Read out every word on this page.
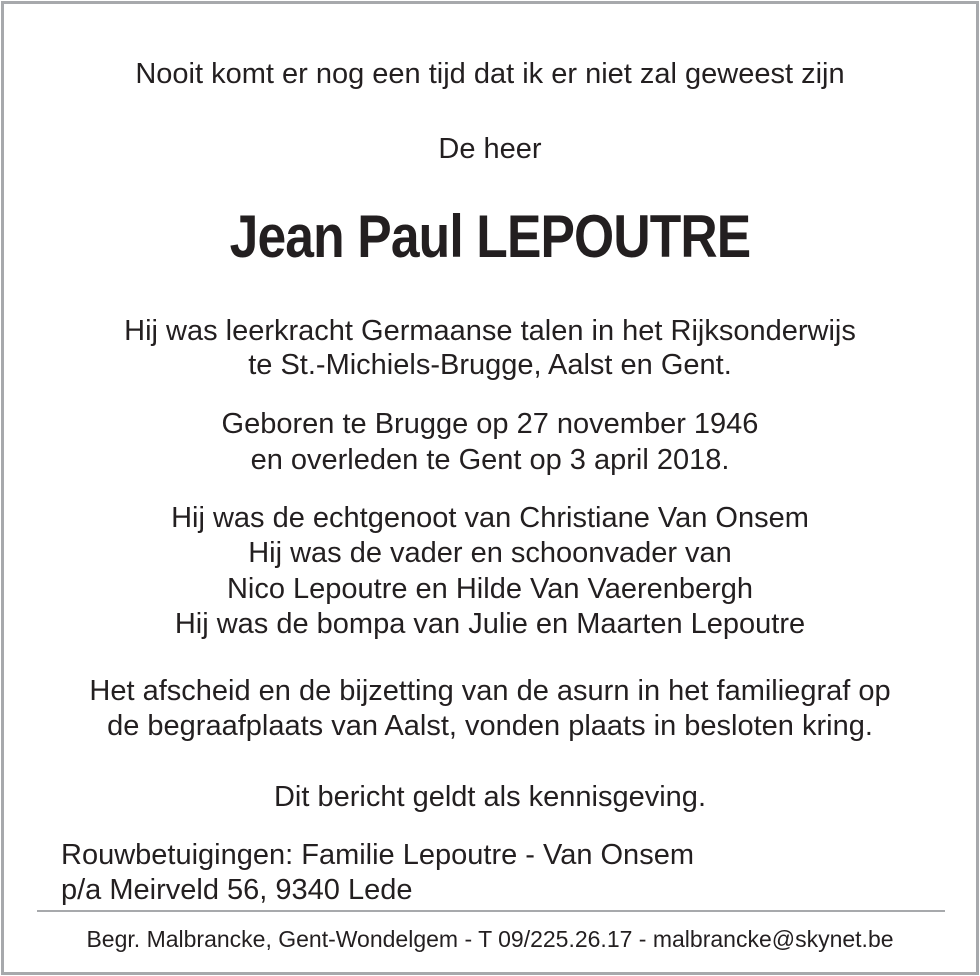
Nooit komt er nog een tijd dat ik er niet zal geweest zijn
De heer
Jean Paul LEPOUTRE
Hij was leerkracht Germaanse talen in het Rijksonderwijs
te St.-Michiels-Brugge, Aalst en Gent.
Geboren te Brugge op 27 november 1946
en overleden te Gent op 3 april 2018.
Hij was de echtgenoot van Christiane Van Onsem
Hij was de vader en schoonvader van
Nico Lepoutre en Hilde Van Vaerenbergh
Hij was de bompa van Julie en Maarten Lepoutre
Het afscheid en de bijzetting van de asurn in het familiegraf op
de begraafplaats van Aalst, vonden plaats in besloten kring.
Dit bericht geldt als kennisgeving.
Rouwbetuigingen: Familie Lepoutre - Van Onsem
p/a Meirveld 56, 9340 Lede
Begr. Malbrancke, Gent-Wondelgem - T 09/225.26.17 - malbrancke@skynet.be
